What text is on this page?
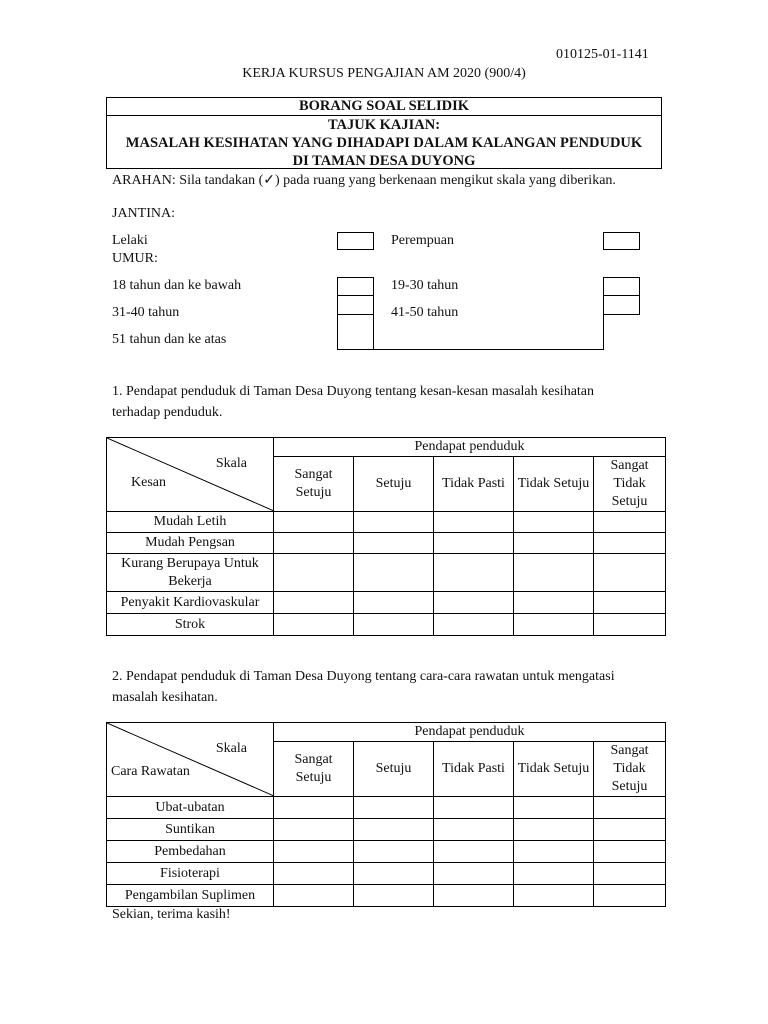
010125-01-1141
KERJA KURSUS PENGAJIAN AM 2020 (900/4)
BORANG SOAL SELIDIK
TAJUK KAJIAN:
MASALAH KESIHATAN YANG DIHADAPI DALAM KALANGAN PENDUDUK
DI TAMAN DESA DUYONG
ARAHAN: Sila tandakan (✓) pada ruang yang berkenaan mengikut skala yang diberikan.
JANTINA:
Lelaki	Perempuan
UMUR:
18 tahun dan ke bawah	19-30 tahun
31-40 tahun	41-50 tahun
51 tahun dan ke atas
1. Pendapat penduduk di Taman Desa Duyong tentang kesan-kesan masalah kesihatan
terhadap penduduk.
Skala
Kesan	Pendapat penduduk				
	Sangat Setuju	Setuju	Tidak Pasti	Tidak Setuju	Sangat Tidak Setuju
Mudah Letih					
Mudah Pengsan					
Kurang Berupaya Untuk Bekerja					
Penyakit Kardiovaskular					
Strok					
2. Pendapat penduduk di Taman Desa Duyong tentang cara-cara rawatan untuk mengatasi
masalah kesihatan.
Skala
Cara Rawatan	Pendapat penduduk				
	Sangat Setuju	Setuju	Tidak Pasti	Tidak Setuju	Sangat Tidak Setuju
Ubat-ubatan					
Suntikan					
Pembedahan					
Fisioterapi					
Pengambilan Suplimen					
Sekian, terima kasih!
